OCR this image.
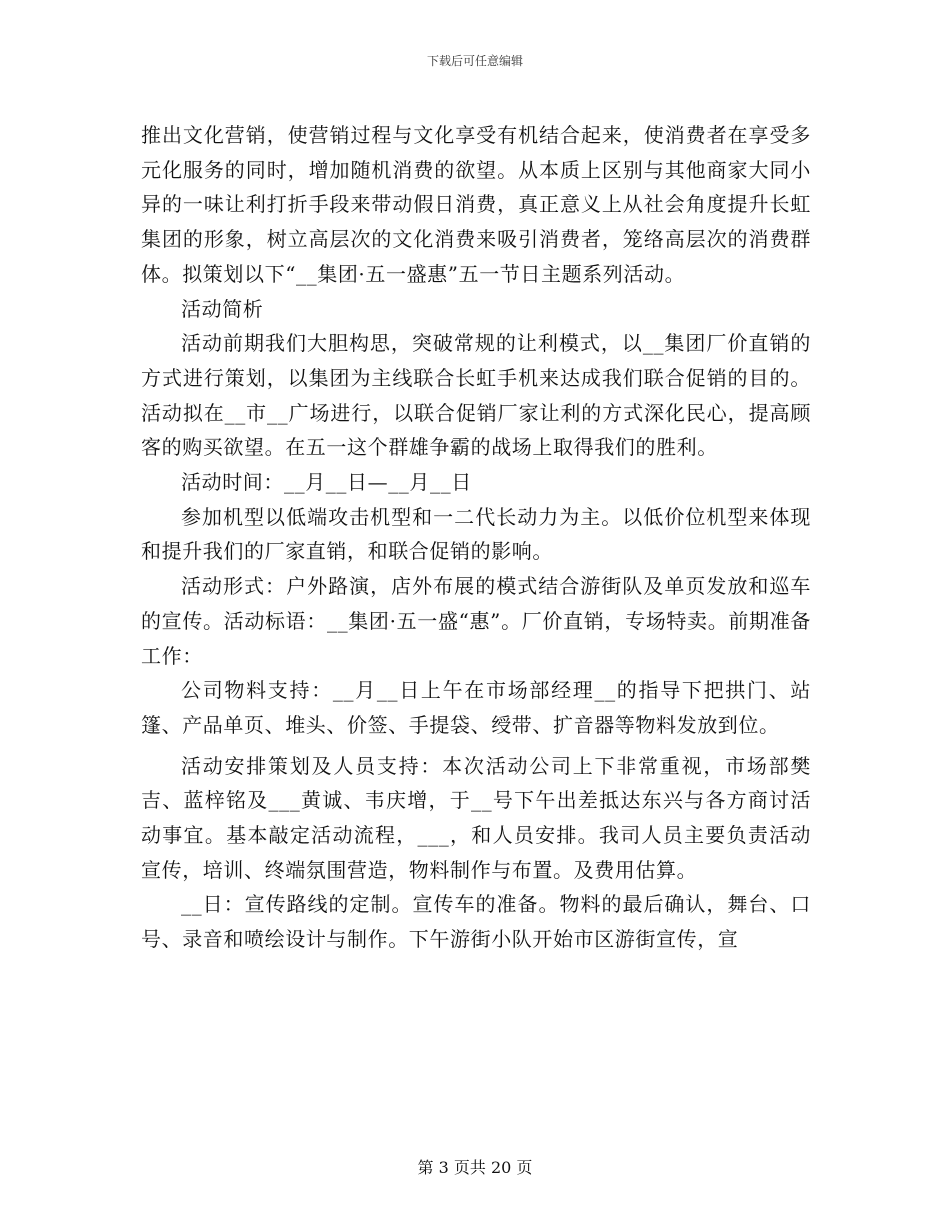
下载后可任意编辑

推出文化营销，使营销过程与文化享受有机结合起来，使消费者在享受多元化服务的同时，增加随机消费的欲望。从本质上区别与其他商家大同小异的一味让利打折手段来带动假日消费，真正意义上从社会角度提升长虹集团的形象，树立高层次的文化消费来吸引消费者，笼络高层次的消费群体。拟策划以下“__集团·五一盛惠”五一节日主题系列活动。

活动简析

活动前期我们大胆构思，突破常规的让利模式，以__集团厂价直销的方式进行策划，以集团为主线联合长虹手机来达成我们联合促销的目的。活动拟在__市__广场进行，以联合促销厂家让利的方式深化民心，提高顾客的购买欲望。在五一这个群雄争霸的战场上取得我们的胜利。

活动时间：__月__日—__月__日

参加机型以低端攻击机型和一二代长动力为主。以低价位机型来体现和提升我们的厂家直销，和联合促销的影响。

活动形式：户外路演，店外布展的模式结合游街队及单页发放和巡车的宣传。活动标语：__集团·五一盛“惠”。厂价直销，专场特卖。前期准备工作：

公司物料支持：__月__日上午在市场部经理__的指导下把拱门、站篷、产品单页、堆头、价签、手提袋、绶带、扩音器等物料发放到位。

活动安排策划及人员支持：本次活动公司上下非常重视，市场部樊吉、蓝梓铭及___黄诚、韦庆增，于__号下午出差抵达东兴与各方商讨活动事宜。基本敲定活动流程，___，和人员安排。我司人员主要负责活动宣传，培训、终端氛围营造，物料制作与布置。及费用估算。

__日：宣传路线的定制。宣传车的准备。物料的最后确认，舞台、口号、录音和喷绘设计与制作。下午游街小队开始市区游街宣传，宣

第 3 页共 20 页
